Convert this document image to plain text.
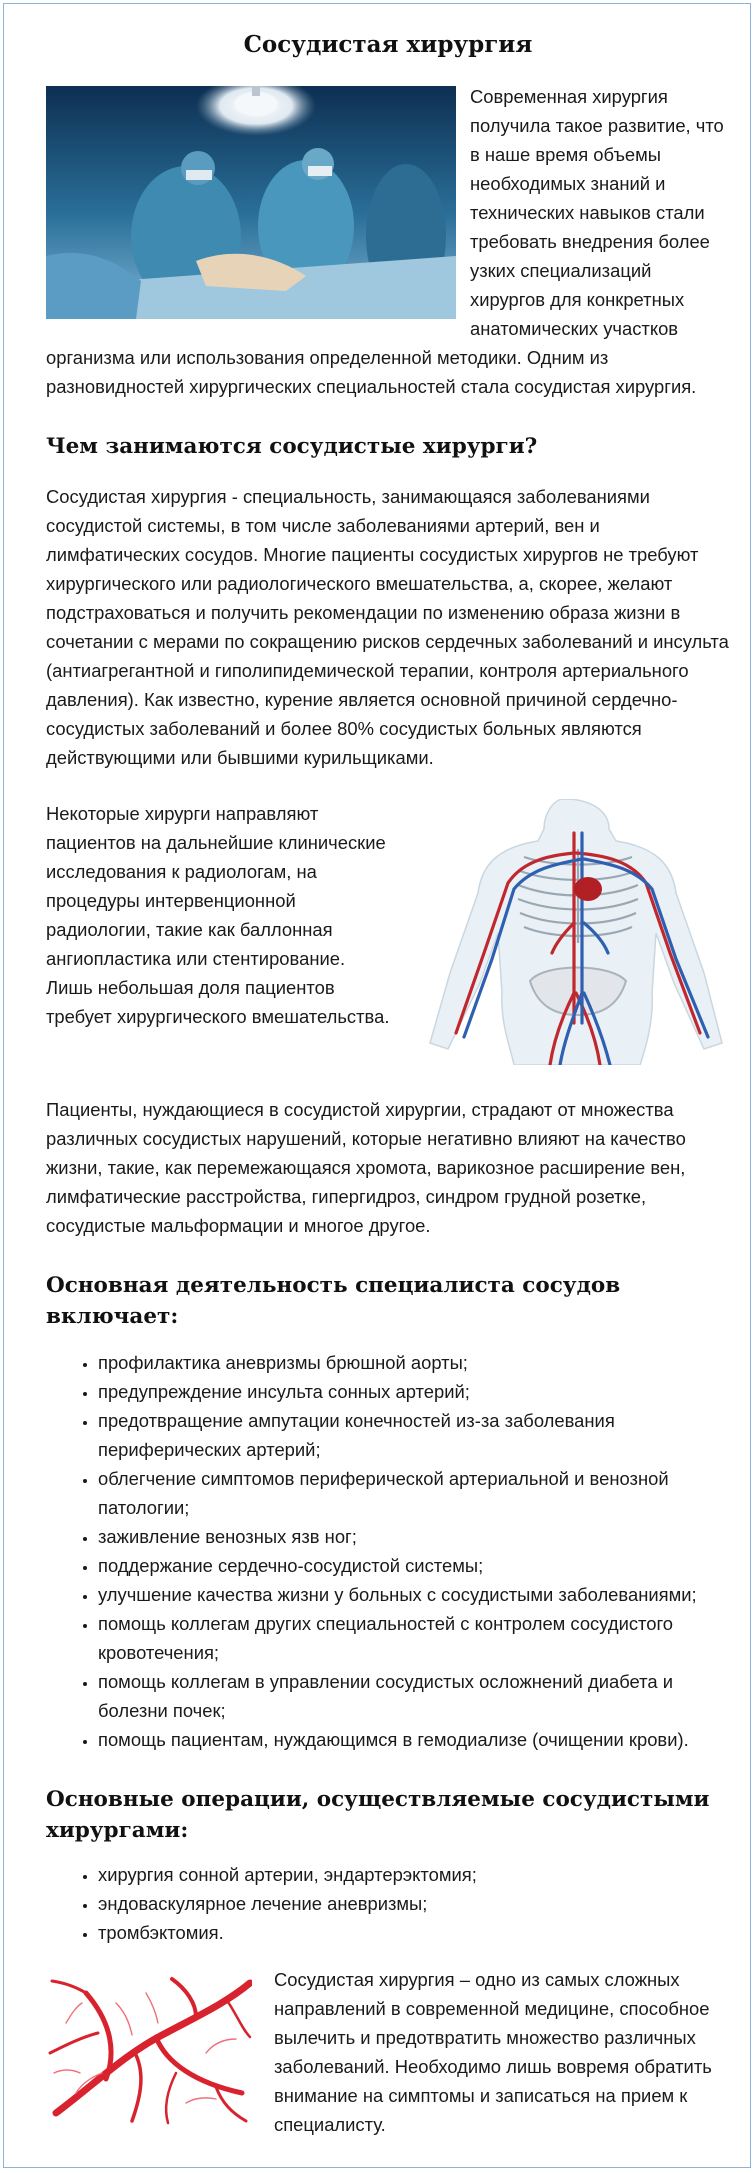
Сосудистая хирургия

Современная хирургия получила такое развитие, что в наше время объемы необходимых знаний и технических навыков стали требовать внедрения более узких специализаций хирургов для конкретных анатомических участков организма или использования определенной методики. Одним из разновидностей хирургических специальностей стала сосудистая хирургия.

Чем занимаются сосудистые хирурги?

Сосудистая хирургия - специальность, занимающаяся заболеваниями сосудистой системы, в том числе заболеваниями артерий, вен и лимфатических сосудов. Многие пациенты сосудистых хирургов не требуют хирургического или радиологического вмешательства, а, скорее, желают подстраховаться и получить рекомендации по изменению образа жизни в сочетании с мерами по сокращению рисков сердечных заболеваний и инсульта (антиагрегантной и гиполипидемической терапии, контроля артериального давления). Как известно, курение является основной причиной сердечно-сосудистых заболеваний и более 80% сосудистых больных являются действующими или бывшими курильщиками.

Некоторые хирурги направляют пациентов на дальнейшие клинические исследования к радиологам, на процедуры интервенционной радиологии, такие как баллонная ангиопластика или стентирование. Лишь небольшая доля пациентов требует хирургического вмешательства.

Пациенты, нуждающиеся в сосудистой хирургии, страдают от множества различных сосудистых нарушений, которые негативно влияют на качество жизни, такие, как перемежающаяся хромота, варикозное расширение вен, лимфатические расстройства, гипергидроз, синдром грудной розетке, сосудистые мальформации и многое другое.

Основная деятельность специалиста сосудов включает:
• профилактика аневризмы брюшной аорты;
• предупреждение инсульта сонных артерий;
• предотвращение ампутации конечностей из-за заболевания периферических артерий;
• облегчение симптомов периферической артериальной и венозной патологии;
• заживление венозных язв ног;
• поддержание сердечно-сосудистой системы;
• улучшение качества жизни у больных с сосудистыми заболеваниями;
• помощь коллегам других специальностей с контролем сосудистого кровотечения;
• помощь коллегам в управлении сосудистых осложнений диабета и болезни почек;
• помощь пациентам, нуждающимся в гемодиализе (очищении крови).
Основные операции, осуществляемые сосудистыми хирургами:
• хирургия сонной артерии, эндартерэктомия;
• эндоваскулярное лечение аневризмы;
• тромбэктомия.

Сосудистая хирургия – одно из самых сложных направлений в современной медицине, способное вылечить и предотвратить множество различных заболеваний. Необходимо лишь вовремя обратить внимание на симптомы и записаться на прием к специалисту.
